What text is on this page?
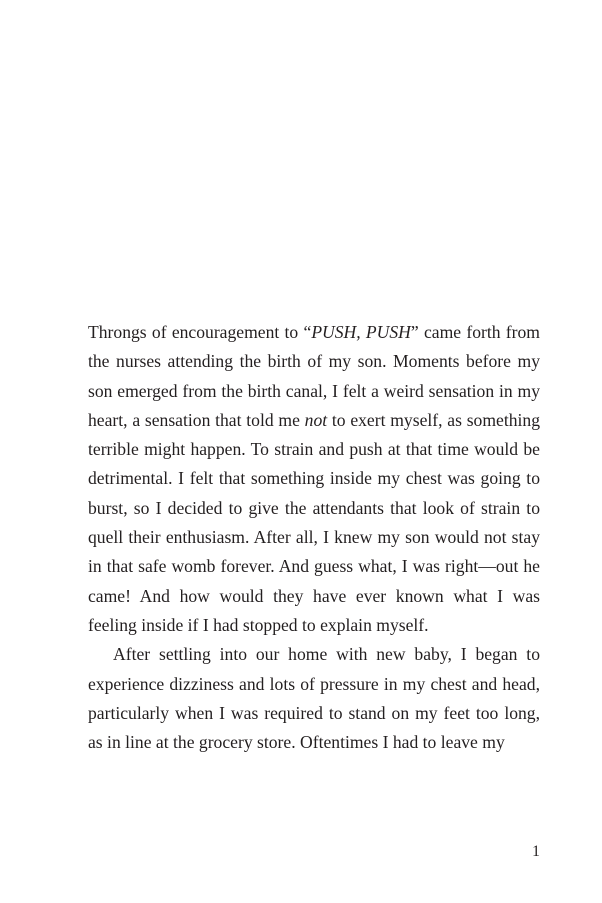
Throngs of encouragement to “PUSH, PUSH” came forth from the nurses attending the birth of my son. Moments before my son emerged from the birth canal, I felt a weird sensation in my heart, a sensation that told me not to exert myself, as something terrible might happen. To strain and push at that time would be detrimental. I felt that something inside my chest was going to burst, so I decided to give the attendants that look of strain to quell their enthusiasm. After all, I knew my son would not stay in that safe womb forever. And guess what, I was right—out he came! And how would they have ever known what I was feeling inside if I had stopped to explain myself.

After settling into our home with new baby, I began to experience dizziness and lots of pressure in my chest and head, particularly when I was required to stand on my feet too long, as in line at the grocery store. Oftentimes I had to leave my

1
